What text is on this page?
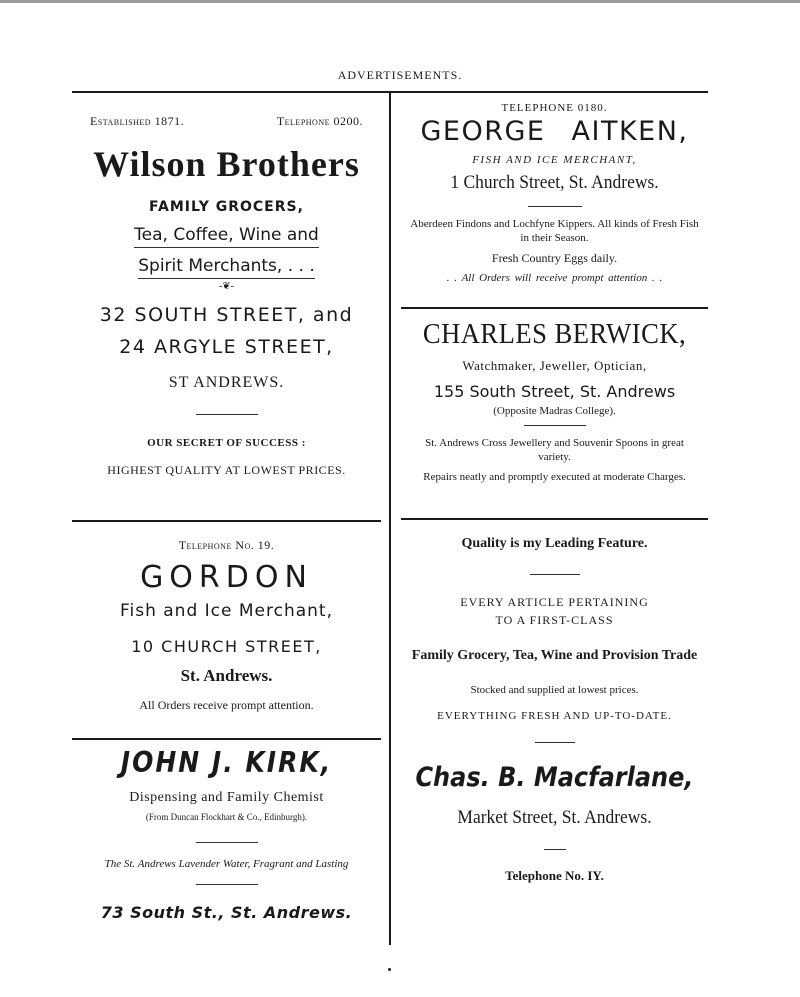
ADVERTISEMENTS.
Established 1871.	Telephone 0200.

Wilson Brothers

FAMILY GROCERS,

Tea, Coffee, Wine and

Spirit Merchants, . . .

-❦-

32 SOUTH STREET, and

24 ARGYLE STREET,

ST ANDREWS.

OUR SECRET OF SUCCESS :

HIGHEST QUALITY AT LOWEST PRICES.

Telephone No. 19.

GORDON

Fish and Ice Merchant,

10 CHURCH STREET,

St. Andrews.

All Orders receive prompt attention.

JOHN J. KIRK,

Dispensing and Family Chemist

(From Duncan Flockhart & Co., Edinburgh).

The St. Andrews Lavender Water, Fragrant and Lasting

73 South St., St. Andrews.

TELEPHONE 0180.

GEORGE AITKEN,

FISH AND ICE MERCHANT,

1 Church Street, St. Andrews.

Aberdeen Findons and Lochfyne Kippers. All kinds of Fresh Fish in their Season.

Fresh Country Eggs daily.

. . All Orders will receive prompt attention . .

CHARLES BERWICK,

Watchmaker, Jeweller, Optician,

155 South Street, St. Andrews

(Opposite Madras College).

St. Andrews Cross Jewellery and Souvenir Spoons in great variety.

Repairs neatly and promptly executed at moderate Charges.

Quality is my Leading Feature.

EVERY ARTICLE PERTAINING

TO A FIRST-CLASS

Family Grocery, Tea, Wine and Provision Trade

Stocked and supplied at lowest prices.

EVERYTHING FRESH AND UP-TO-DATE.

Chas. B. Macfarlane,

Market Street, St. Andrews.

Telephone No. IY.
